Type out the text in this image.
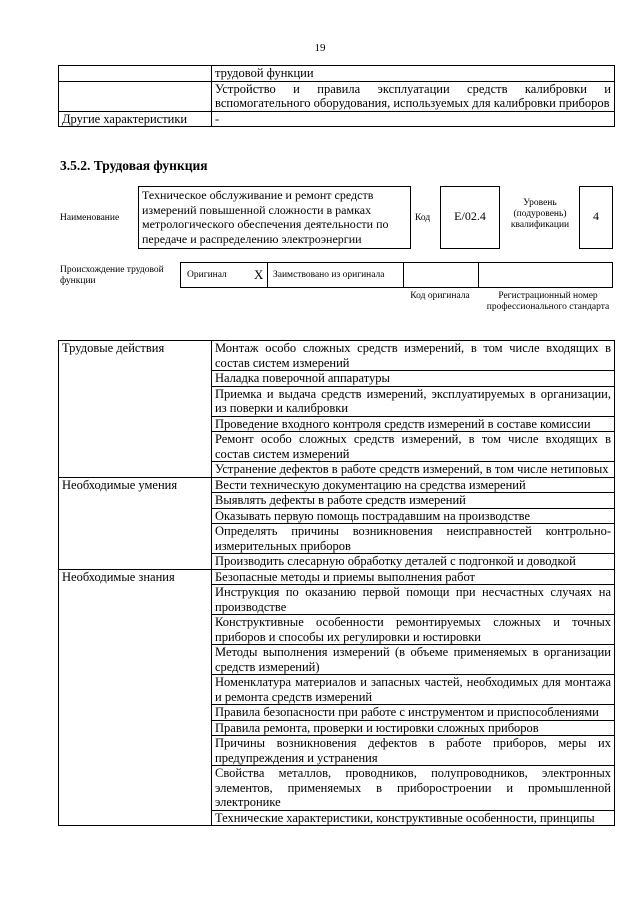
19
	трудовой функции
	Устройство и правила эксплуатации средств калибровки и вспомогательного оборудования, используемых для калибровки приборов
Другие характеристики	-
3.5.2. Трудовая функция
Наименование
Техническое обслуживание и ремонт средств измерений повышенной сложности в рамках метрологического обеспечения деятельности по передаче и распределению электроэнергии
Код	E/02.4
Уровень (подуровень) квалификации
4
Происхождение трудовой функции
Оригинал X Заимствовано из оригинала
Код оригинала	Регистрационный номер профессионального стандарта
Трудовые действия	Монтаж особо сложных средств измерений, в том числе входящих в состав систем измерений
	Наладка поверочной аппаратуры
	Приемка и выдача средств измерений, эксплуатируемых в организации, из поверки и калибровки
	Проведение входного контроля средств измерений в составе комиссии
	Ремонт особо сложных средств измерений, в том числе входящих в состав систем измерений
	Устранение дефектов в работе средств измерений, в том числе нетиповых
Необходимые умения	Вести техническую документацию на средства измерений
	Выявлять дефекты в работе средств измерений
	Оказывать первую помощь пострадавшим на производстве
	Определять причины возникновения неисправностей контрольно-измерительных приборов
	Производить слесарную обработку деталей с подгонкой и доводкой
Необходимые знания	Безопасные методы и приемы выполнения работ
	Инструкция по оказанию первой помощи при несчастных случаях на производстве
	Конструктивные особенности ремонтируемых сложных и точных приборов и способы их регулировки и юстировки
	Методы выполнения измерений (в объеме применяемых в организации средств измерений)
	Номенклатура материалов и запасных частей, необходимых для монтажа и ремонта средств измерений
	Правила безопасности при работе с инструментом и приспособлениями
	Правила ремонта, проверки и юстировки сложных приборов
	Причины возникновения дефектов в работе приборов, меры их предупреждения и устранения
	Свойства металлов, проводников, полупроводников, электронных элементов, применяемых в приборостроении и промышленной электронике
	Технические характеристики, конструктивные особенности, принципы
